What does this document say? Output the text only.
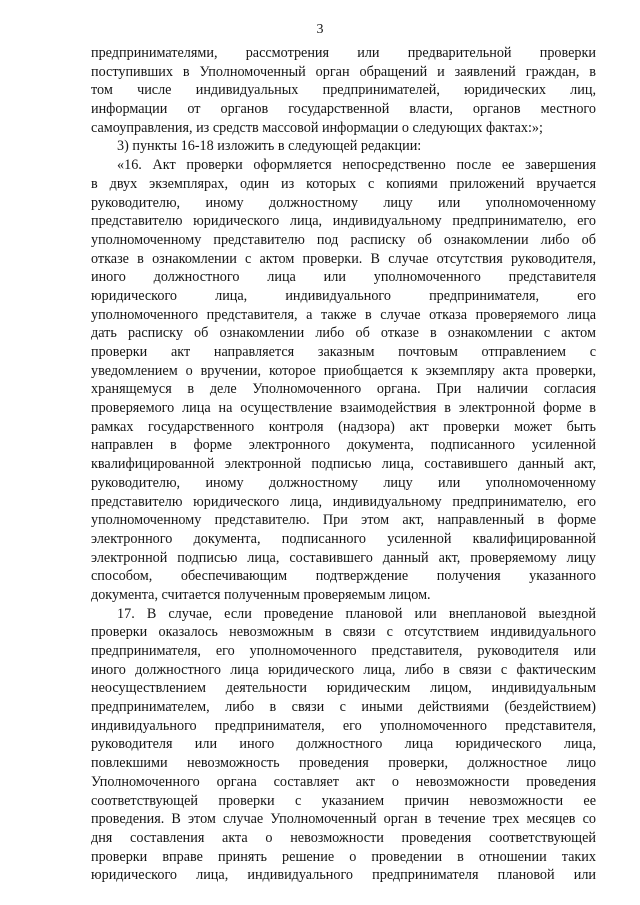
3
предпринимателями, рассмотрения или предварительной проверки
поступивших в Уполномоченный орган обращений и заявлений граждан, в
том числе индивидуальных предпринимателей, юридических лиц,
информации от органов государственной власти, органов местного
самоуправления, из средств массовой информации о следующих фактах:»;
3) пункты 16-18 изложить в следующей редакции:
«16. Акт проверки оформляется непосредственно после ее завершения
в двух экземплярах, один из которых с копиями приложений вручается
руководителю, иному должностному лицу или уполномоченному
представителю юридического лица, индивидуальному предпринимателю, его
уполномоченному представителю под расписку об ознакомлении либо об
отказе в ознакомлении с актом проверки. В случае отсутствия руководителя,
иного должностного лица или уполномоченного представителя
юридического лица, индивидуального предпринимателя, его
уполномоченного представителя, а также в случае отказа проверяемого лица
дать расписку об ознакомлении либо об отказе в ознакомлении с актом
проверки акт направляется заказным почтовым отправлением с
уведомлением о вручении, которое приобщается к экземпляру акта проверки,
хранящемуся в деле Уполномоченного органа. При наличии согласия
проверяемого лица на осуществление взаимодействия в электронной форме в
рамках государственного контроля (надзора) акт проверки может быть
направлен в форме электронного документа, подписанного усиленной
квалифицированной электронной подписью лица, составившего данный акт,
руководителю, иному должностному лицу или уполномоченному
представителю юридического лица, индивидуальному предпринимателю, его
уполномоченному представителю. При этом акт, направленный в форме
электронного документа, подписанного усиленной квалифицированной
электронной подписью лица, составившего данный акт, проверяемому лицу
способом, обеспечивающим подтверждение получения указанного
документа, считается полученным проверяемым лицом.
17. В случае, если проведение плановой или внеплановой выездной
проверки оказалось невозможным в связи с отсутствием индивидуального
предпринимателя, его уполномоченного представителя, руководителя или
иного должностного лица юридического лица, либо в связи с фактическим
неосуществлением деятельности юридическим лицом, индивидуальным
предпринимателем, либо в связи с иными действиями (бездействием)
индивидуального предпринимателя, его уполномоченного представителя,
руководителя или иного должностного лица юридического лица,
повлекшими невозможность проведения проверки, должностное лицо
Уполномоченного органа составляет акт о невозможности проведения
соответствующей проверки с указанием причин невозможности ее
проведения. В этом случае Уполномоченный орган в течение трех месяцев со
дня составления акта о невозможности проведения соответствующей
проверки вправе принять решение о проведении в отношении таких
юридического лица, индивидуального предпринимателя плановой или
